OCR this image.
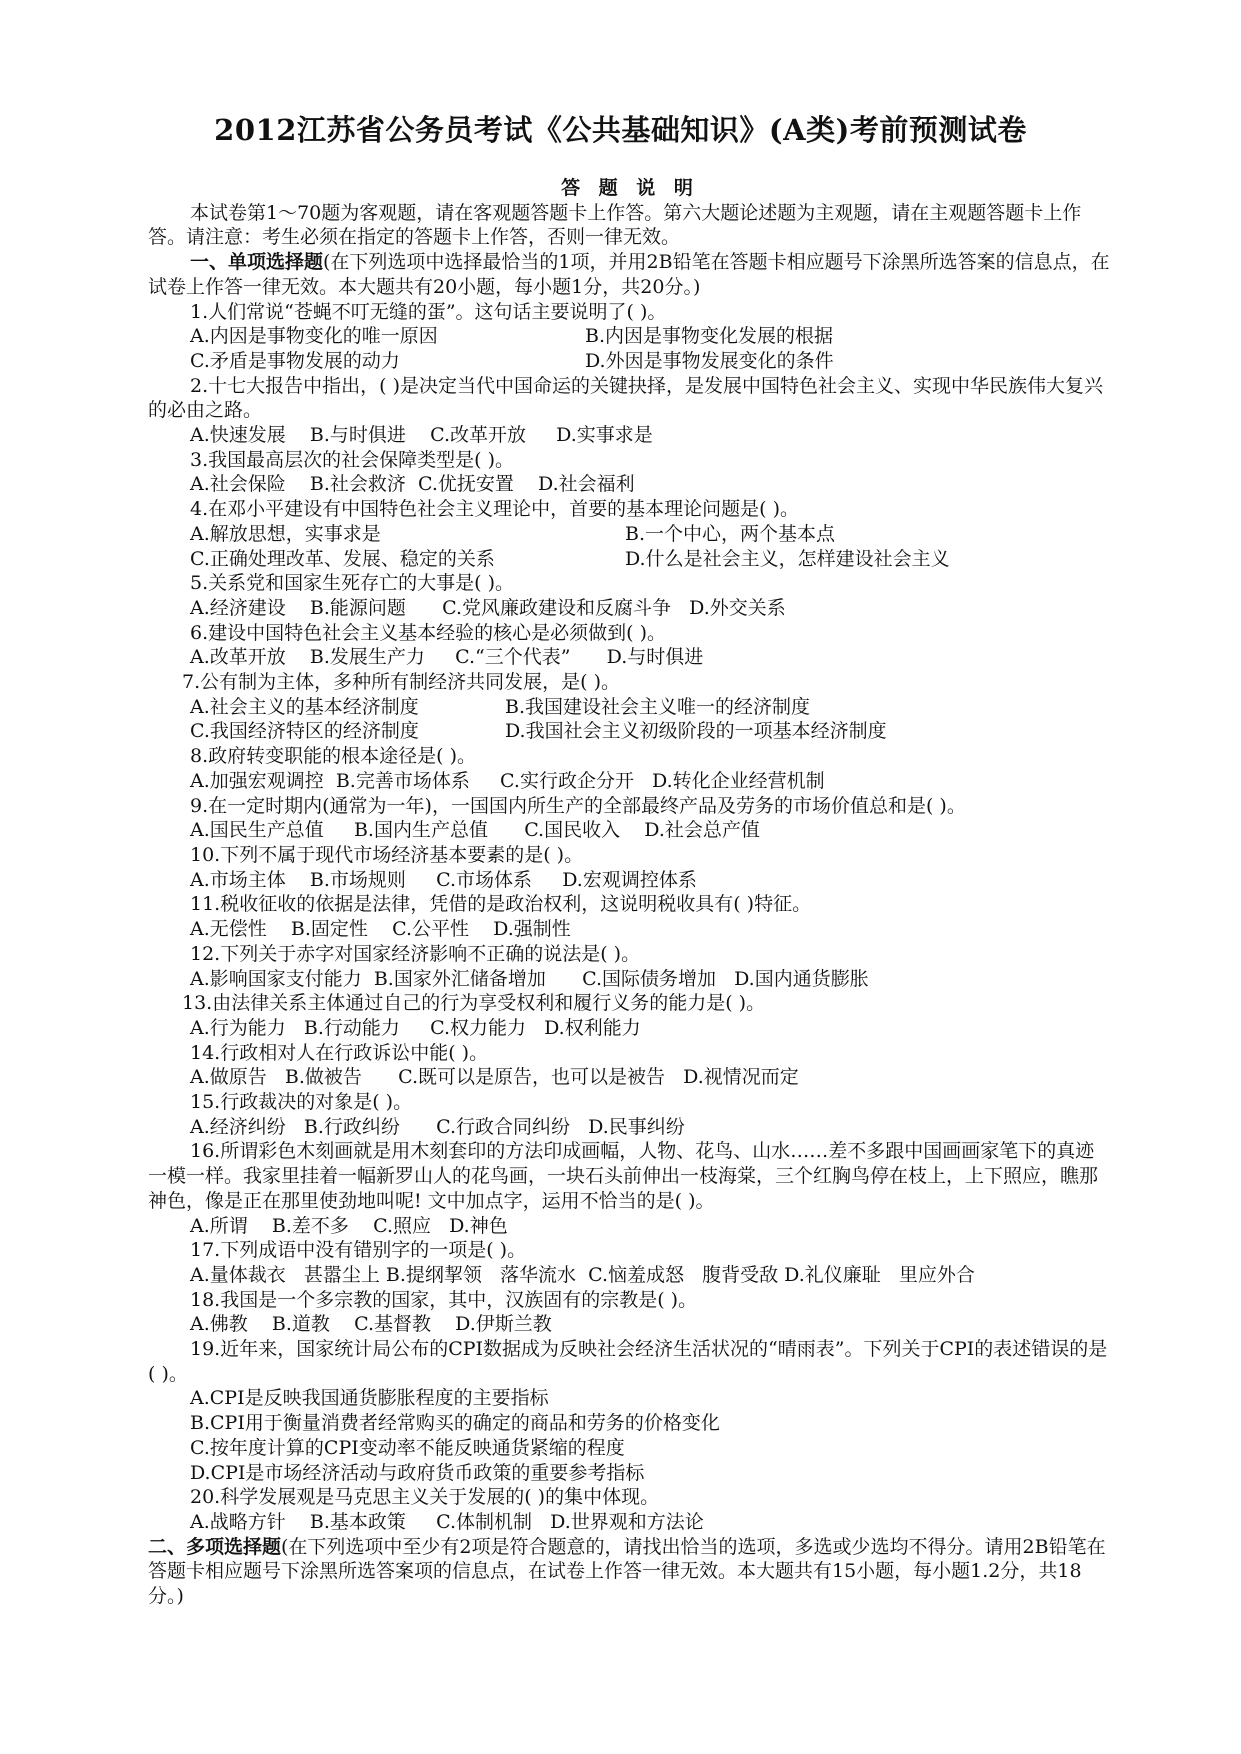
2012江苏省公务员考试《公共基础知识》(A类)考前预测试卷

答 题 说 明

本试卷第1～70题为客观题，请在客观题答题卡上作答。第六大题论述题为主观题，请在主观题答题卡上作答。请注意：考生必须在指定的答题卡上作答，否则一律无效。

一、单项选择题(在下列选项中选择最恰当的1项，并用2B铅笔在答题卡相应题号下涂黑所选答案的信息点，在试卷上作答一律无效。本大题共有20小题，每小题1分，共20分。)

1.人们常说“苍蝇不叮无缝的蛋”。这句话主要说明了( )。

A.内因是事物变化的唯一原因	B.内因是事物变化发展的根据
C.矛盾是事物发展的动力	D.外因是事物发展变化的条件

2.十七大报告中指出，( )是决定当代中国命运的关键抉择，是发展中国特色社会主义、实现中华民族伟大复兴的必由之路。

A.快速发展    B.与时俱进    C.改革开放     D.实事求是

3.我国最高层次的社会保障类型是( )。

A.社会保险    B.社会救济  C.优抚安置    D.社会福利

4.在邓小平建设有中国特色社会主义理论中，首要的基本理论问题是( )。

A.解放思想，实事求是	B.一个中心，两个基本点
C.正确处理改革、发展、稳定的关系	D.什么是社会主义，怎样建设社会主义

5.关系党和国家生死存亡的大事是( )。

A.经济建设    B.能源问题      C.党风廉政建设和反腐斗争   D.外交关系

6.建设中国特色社会主义基本经验的核心是必须做到( )。

A.改革开放    B.发展生产力     C.“三个代表”      D.与时俱进

7.公有制为主体，多种所有制经济共同发展，是( )。

A.社会主义的基本经济制度	B.我国建设社会主义唯一的经济制度
C.我国经济特区的经济制度	D.我国社会主义初级阶段的一项基本经济制度

8.政府转变职能的根本途径是( )。

A.加强宏观调控  B.完善市场体系     C.实行政企分开   D.转化企业经营机制

9.在一定时期内(通常为一年)，一国国内所生产的全部最终产品及劳务的市场价值总和是( )。

A.国民生产总值     B.国内生产总值      C.国民收入    D.社会总产值

10.下列不属于现代市场经济基本要素的是( )。

A.市场主体    B.市场规则     C.市场体系     D.宏观调控体系

11.税收征收的依据是法律，凭借的是政治权利，这说明税收具有( )特征。

A.无偿性    B.固定性    C.公平性    D.强制性

12.下列关于赤字对国家经济影响不正确的说法是( )。

A.影响国家支付能力  B.国家外汇储备增加      C.国际债务增加   D.国内通货膨胀

13.由法律关系主体通过自己的行为享受权利和履行义务的能力是( )。

A.行为能力   B.行动能力     C.权力能力   D.权利能力

14.行政相对人在行政诉讼中能( )。

A.做原告   B.做被告      C.既可以是原告，也可以是被告   D.视情况而定

15.行政裁决的对象是( )。

A.经济纠纷   B.行政纠纷      C.行政合同纠纷   D.民事纠纷

16.所谓彩色木刻画就是用木刻套印的方法印成画幅，人物、花鸟、山水……差不多跟中国画画家笔下的真迹一模一样。我家里挂着一幅新罗山人的花鸟画，一块石头前伸出一枝海棠，三个红胸鸟停在枝上，上下照应，瞧那神色，像是正在那里使劲地叫呢! 文中加点字，运用不恰当的是( )。

A.所谓    B.差不多    C.照应   D.神色

17.下列成语中没有错别字的一项是( )。

A.量体裁衣   甚嚣尘上 B.提纲挈领   落华流水  C.恼羞成怒   腹背受敌 D.礼仪廉耻   里应外合

18.我国是一个多宗教的国家，其中，汉族固有的宗教是( )。

A.佛教    B.道教    C.基督教    D.伊斯兰教

19.近年来，国家统计局公布的CPI数据成为反映社会经济生活状况的“晴雨表”。下列关于CPI的表述错误的是( )。

A.CPI是反映我国通货膨胀程度的主要指标

B.CPI用于衡量消费者经常购买的确定的商品和劳务的价格变化

C.按年度计算的CPI变动率不能反映通货紧缩的程度

D.CPI是市场经济活动与政府货币政策的重要参考指标

20.科学发展观是马克思主义关于发展的( )的集中体现。

A.战略方针    B.基本政策     C.体制机制   D.世界观和方法论

二、多项选择题(在下列选项中至少有2项是符合题意的，请找出恰当的选项，多选或少选均不得分。请用2B铅笔在答题卡相应题号下涂黑所选答案项的信息点，在试卷上作答一律无效。本大题共有15小题，每小题1.2分，共18分。)
